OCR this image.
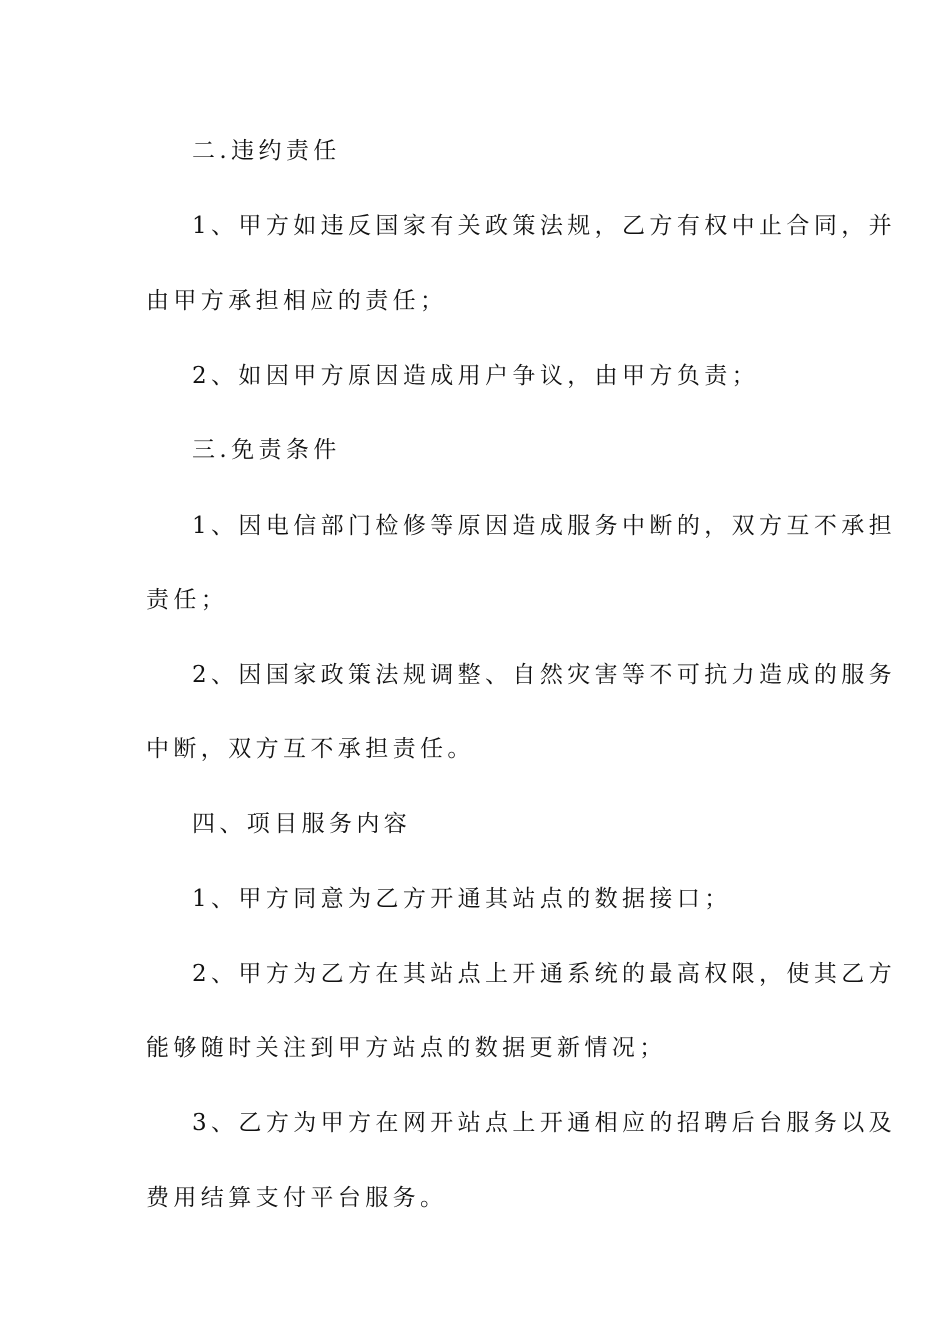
二.违约责任
1、甲方如违反国家有关政策法规，乙方有权中止合同，并
由甲方承担相应的责任；
2、如因甲方原因造成用户争议，由甲方负责；
三.免责条件
1、因电信部门检修等原因造成服务中断的，双方互不承担
责任；
2、因国家政策法规调整、自然灾害等不可抗力造成的服务
中断，双方互不承担责任。
四、项目服务内容
1、甲方同意为乙方开通其站点的数据接口；
2、甲方为乙方在其站点上开通系统的最高权限，使其乙方
能够随时关注到甲方站点的数据更新情况；
3、乙方为甲方在网开站点上开通相应的招聘后台服务以及
费用结算支付平台服务。
